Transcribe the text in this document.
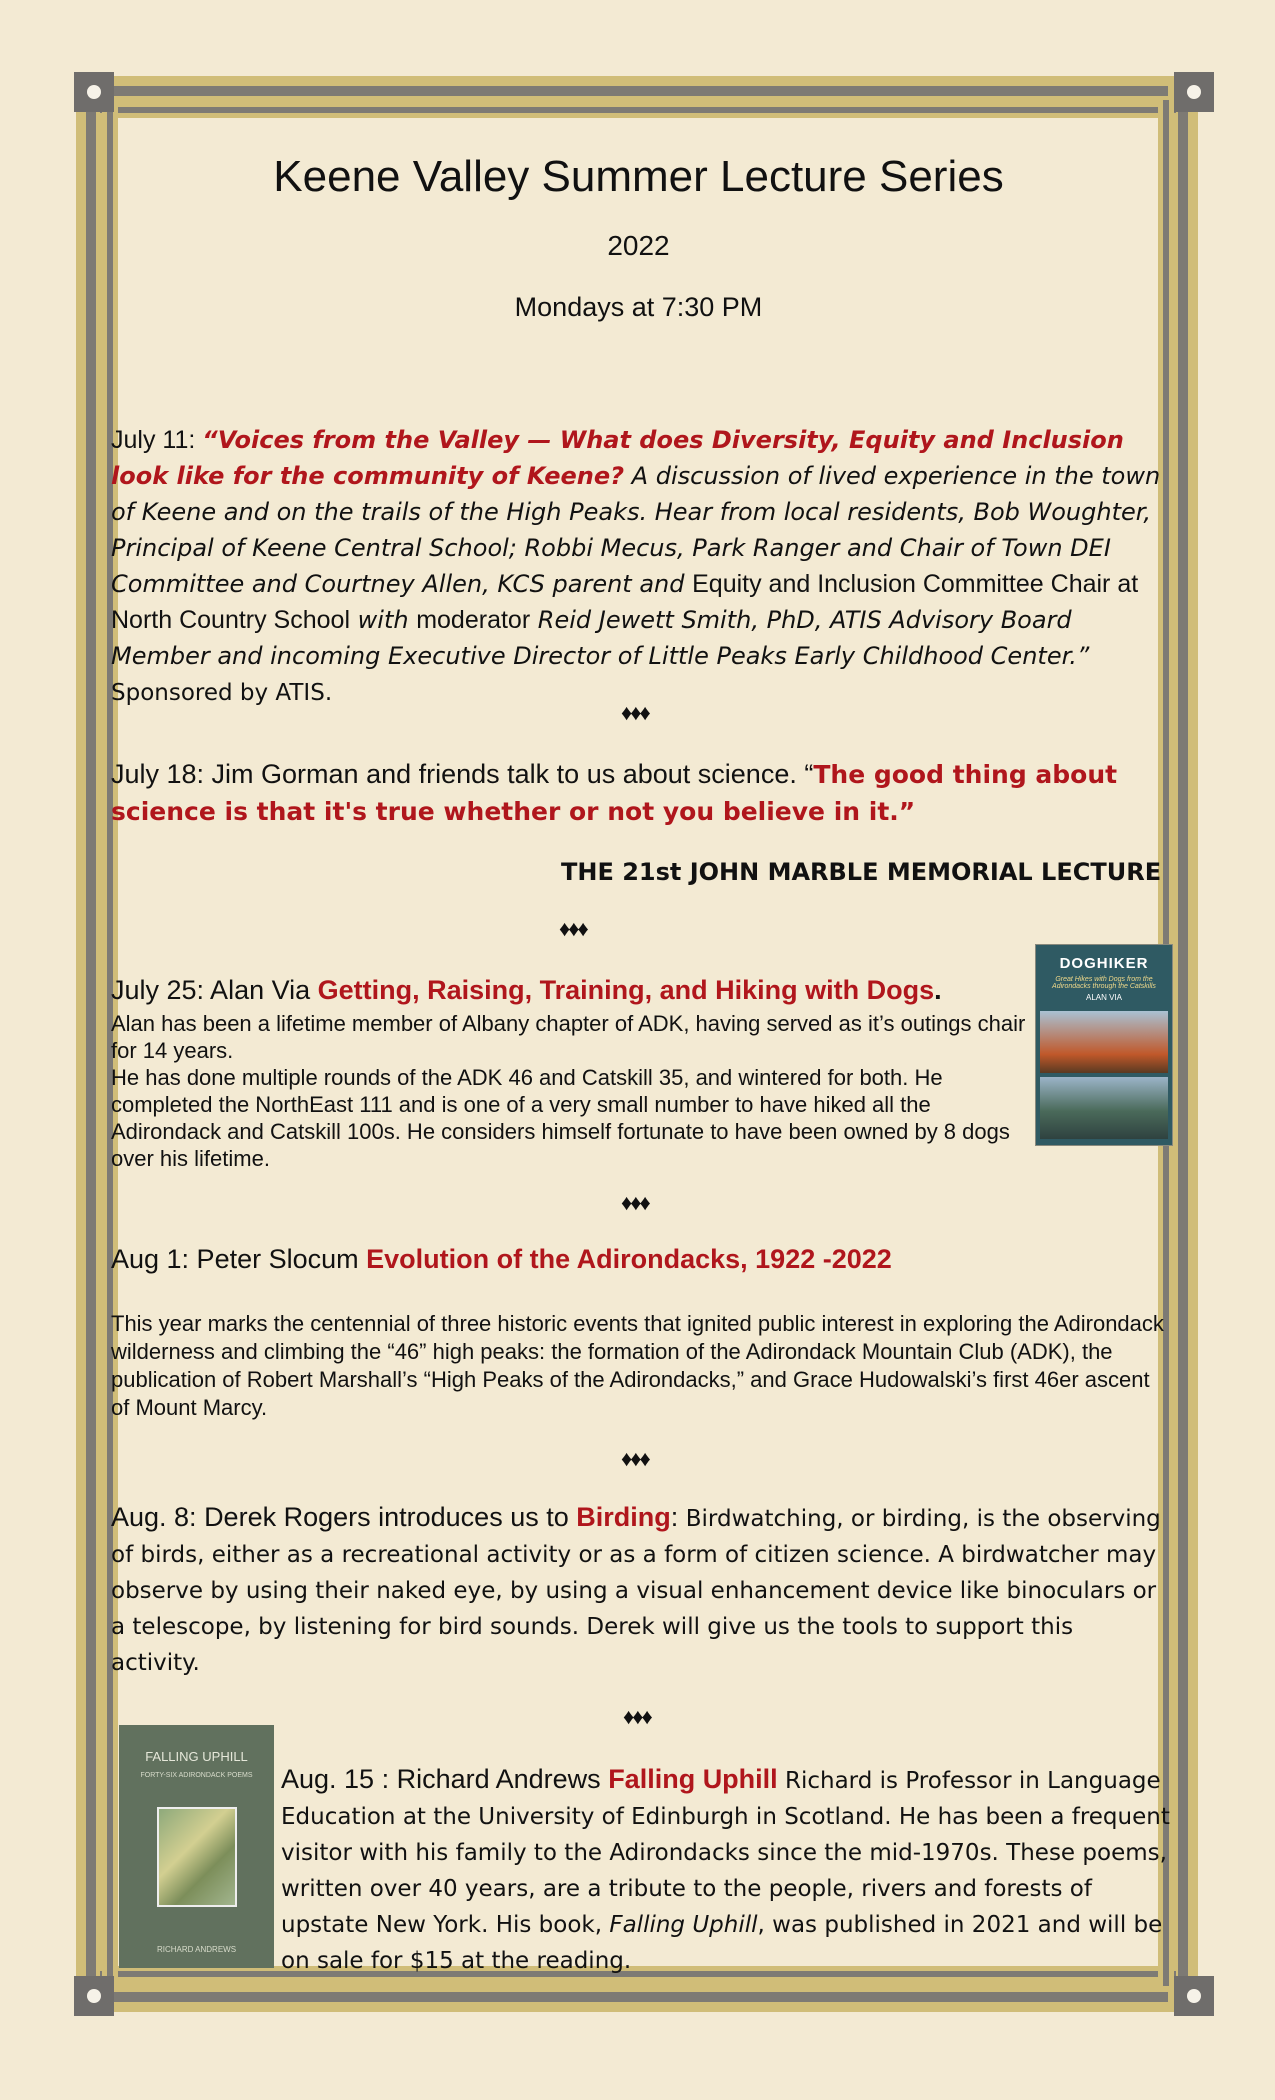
Keene Valley Summer Lecture Series
2022
Mondays at 7:30 PM
July 11: “Voices from the Valley — What does Diversity, Equity and Inclusion look like for the community of Keene? A discussion of lived experience in the town of Keene and on the trails of the High Peaks. Hear from local residents, Bob Woughter, Principal of Keene Central School; Robbi Mecus, Park Ranger and Chair of Town DEI Committee and Courtney Allen, KCS parent and Equity and Inclusion Committee Chair at North Country School with moderator Reid Jewett Smith, PhD, ATIS Advisory Board Member and incoming Executive Director of Little Peaks Early Childhood Center.”
Sponsored by ATIS.
♦♦♦
July 18: Jim Gorman and friends talk to us about science. “The good thing about science is that it's true whether or not you believe in it.”
THE 21st JOHN MARBLE MEMORIAL LECTURE
♦♦♦
July 25: Alan Via Getting, Raising, Training, and Hiking with Dogs.
Alan has been a lifetime member of Albany chapter of ADK, having served as it’s outings chair for 14 years.
He has done multiple rounds of the ADK 46 and Catskill 35, and wintered for both. He completed the NorthEast 111 and is one of a very small number to have hiked all the Adirondack and Catskill 100s. He considers himself fortunate to have been owned by 8 dogs over his lifetime.
DOGHIKER
Great Hikes with Dogs from the Adirondacks through the Catskills
ALAN VIA
♦♦♦
Aug 1: Peter Slocum Evolution of the Adirondacks, 1922 -2022
This year marks the centennial of three historic events that ignited public interest in exploring the Adirondack wilderness and climbing the “46” high peaks: the formation of the Adirondack Mountain Club (ADK), the publication of Robert Marshall’s “High Peaks of the Adirondacks,” and Grace Hudowalski’s first 46er ascent of Mount Marcy.
♦♦♦
Aug. 8: Derek Rogers introduces us to Birding: Birdwatching, or birding, is the observing of birds, either as a recreational activity or as a form of citizen science. A birdwatcher may observe by using their naked eye, by using a visual enhancement device like binoculars or a telescope, by listening for bird sounds. Derek will give us the tools to support this activity.
♦♦♦
FALLING UPHILL
FORTY-SIX ADIRONDACK POEMS
RICHARD ANDREWS
Aug. 15 : Richard Andrews Falling Uphill Richard is Professor in Language Education at the University of Edinburgh in Scotland. He has been a frequent visitor with his family to the Adirondacks since the mid-1970s. These poems, written over 40 years, are a tribute to the people, rivers and forests of upstate New York. His book, Falling Uphill, was published in 2021 and will be on sale for $15 at the reading.
